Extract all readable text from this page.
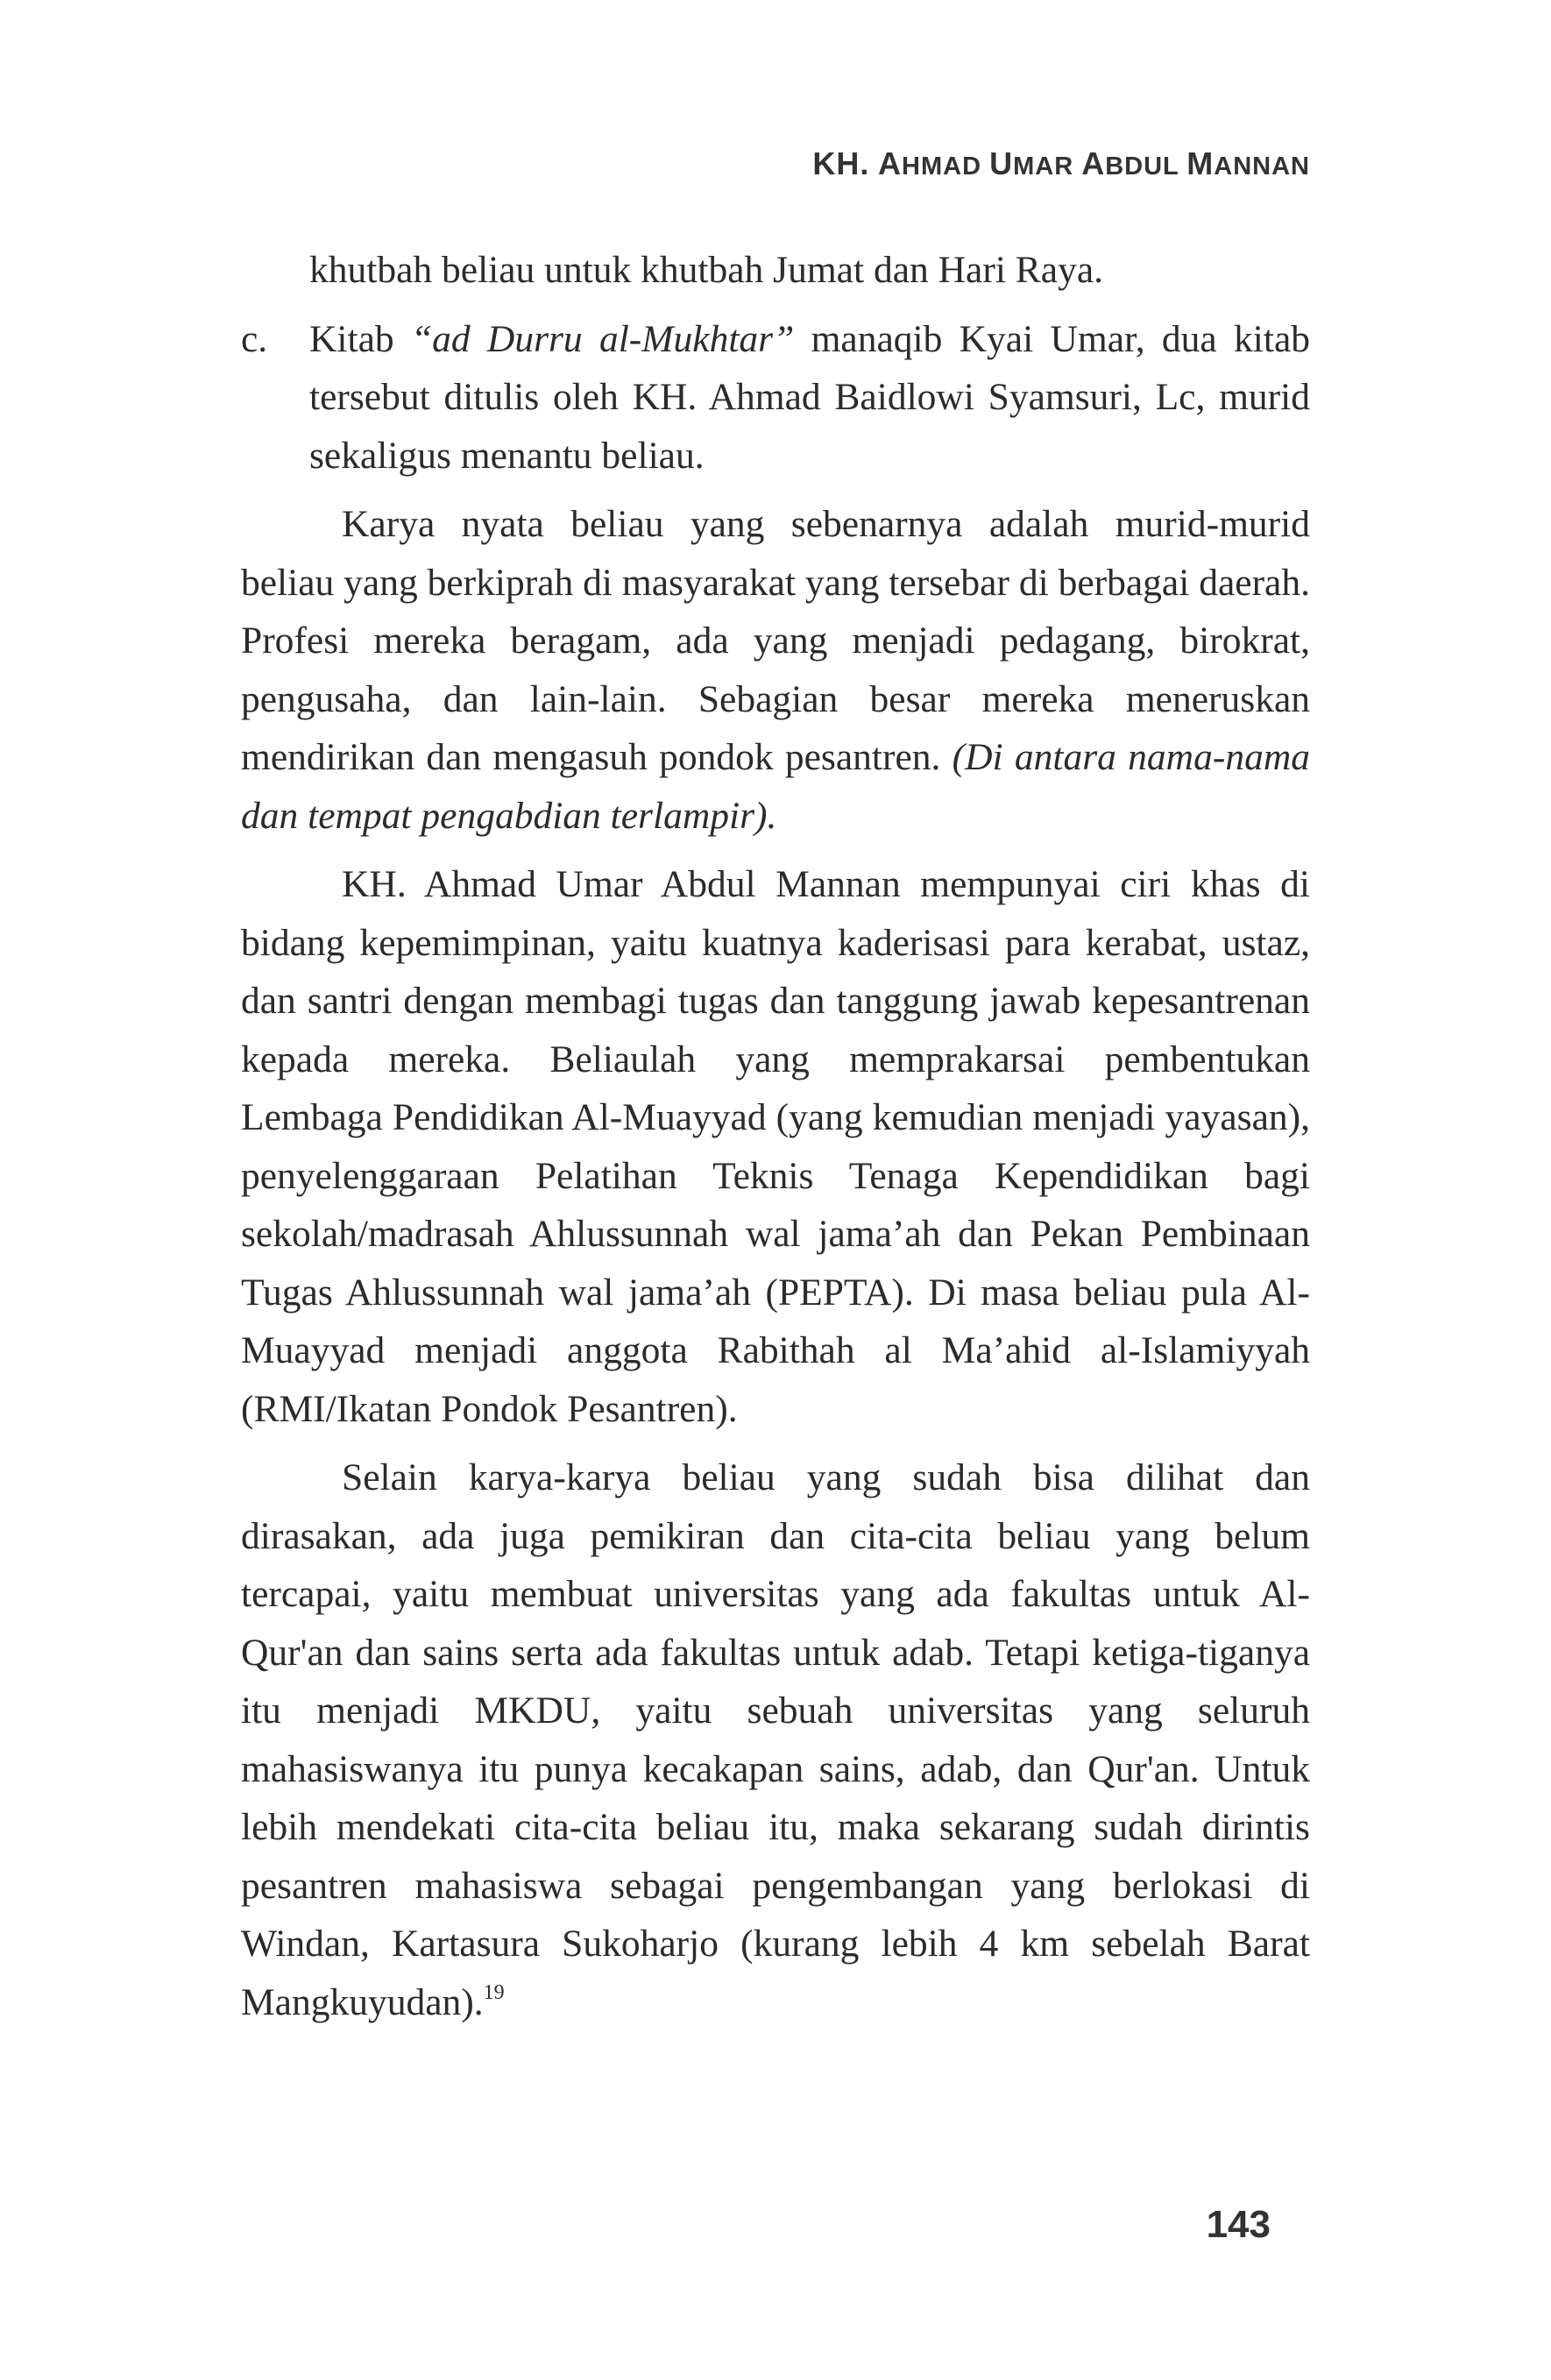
KH. AHMAD UMAR ABDUL MANNAN

khutbah beliau untuk khutbah Jumat dan Hari Raya.

c. Kitab “ad Durru al-Mukhtar” manaqib Kyai Umar, dua kitab tersebut ditulis oleh KH. Ahmad Baidlowi Syamsuri, Lc, murid sekaligus menantu beliau.

Karya nyata beliau yang sebenarnya adalah murid-murid beliau yang berkiprah di masyarakat yang tersebar di berbagai daerah. Profesi mereka beragam, ada yang menjadi pedagang, birokrat, pengusaha, dan lain-lain. Sebagian besar mereka meneruskan mendirikan dan mengasuh pondok pesantren. (Di antara nama-nama dan tempat pengabdian terlampir).

KH. Ahmad Umar Abdul Mannan mempunyai ciri khas di bidang kepemimpinan, yaitu kuatnya kaderisasi para kerabat, ustaz, dan santri dengan membagi tugas dan tanggung jawab kepesantrenan kepada mereka. Beliaulah yang memprakarsai pembentukan Lembaga Pendidikan Al-Muayyad (yang kemudian menjadi yayasan), penyelenggaraan Pelatihan Teknis Tenaga Kependidikan bagi sekolah/madrasah Ahlussunnah wal jama’ah dan Pekan Pembinaan Tugas Ahlussunnah wal jama’ah (PEPTA). Di masa beliau pula Al-Muayyad menjadi anggota Rabithah al Ma’ahid al-Islamiyyah (RMI/Ikatan Pondok Pesantren).

Selain karya-karya beliau yang sudah bisa dilihat dan dirasakan, ada juga pemikiran dan cita-cita beliau yang belum tercapai, yaitu membuat universitas yang ada fakultas untuk Al-Qur'an dan sains serta ada fakultas untuk adab. Tetapi ketiga-tiganya itu menjadi MKDU, yaitu sebuah universitas yang seluruh mahasiswanya itu punya kecakapan sains, adab, dan Qur'an. Untuk lebih mendekati cita-cita beliau itu, maka sekarang sudah dirintis pesantren mahasiswa sebagai pengembangan yang berlokasi di Windan, Kartasura Sukoharjo (kurang lebih 4 km sebelah Barat Mangkuyudan).$^{19}$

143
